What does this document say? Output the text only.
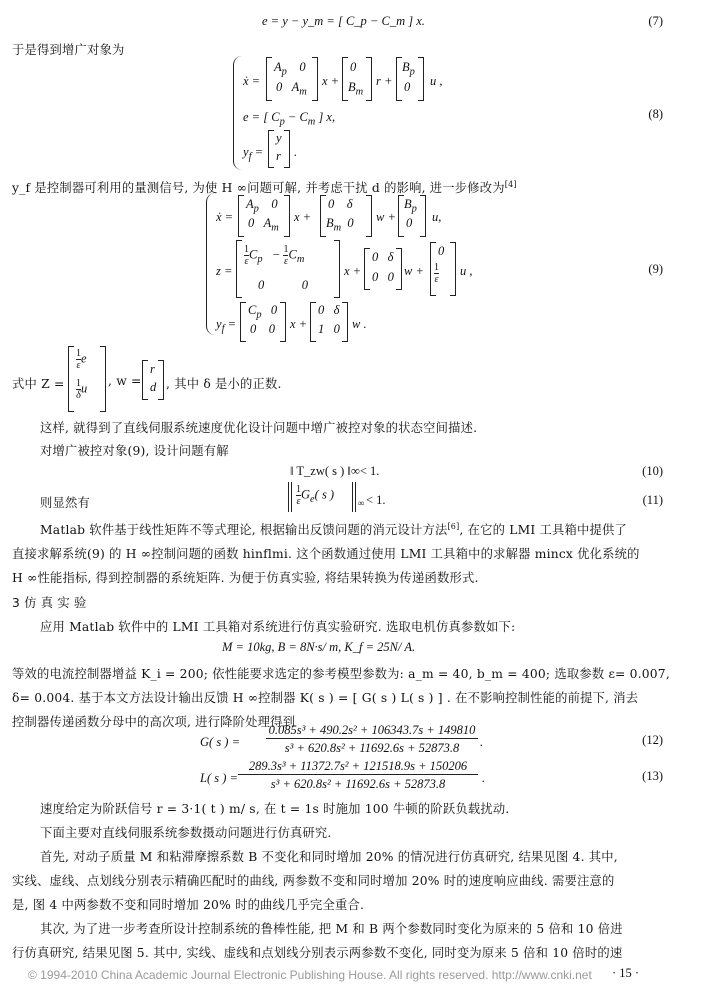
e = y − y_m = [ C_p − C_m ] x.	(7)
于是得到增广对象为
ẋ =
$A_p$    0
0   $A_m$
x +
0
$B_m$
r +
$B_p$
0 u ,
e = [ $C_p - C_m$ ] x,
$y_f$ =
y
r .
(8)
y_f 是控制器可利用的量测信号, 为使 H ∞问题可解, 并考虑干扰 d 的影响, 进一步修改为[4]
ẋ =
$A_p$    0
0   $A_m$
x +
0    δ
$B_m$  0 w +
$B_p$
0 u,
z =
$\frac{1}{\varepsilon} C_p - \frac{1}{\varepsilon} C_m$
0            0
x +
0   δ
0   0 w +
0
$\frac{1}{\varepsilon}$ u ,
$y_f$ =
$C_p$   0
0    0 x +
0   δ
1   0 w .
(9)
式中 Z =
$\frac{1}{\varepsilon}$ e
$\frac{1}{\delta}$ u
, w =
r
d , 其中 δ 是小的正数.
这样, 就得到了直线伺服系统速度优化设计问题中增广被控对象的状态空间描述.
对增广被控对象(9), 设计问题有解
‖ T_zw( s ) ‖∞< 1.	(10)
则显然有	$\frac{1}{\varepsilon} G_e$( s )
∞ < 1.	(11)
Matlab 软件基于线性矩阵不等式理论, 根据输出反馈问题的消元设计方法[6], 在它的 LMI 工具箱中提供了
直接求解系统(9) 的 H ∞控制问题的函数 hinflmi. 这个函数通过使用 LMI 工具箱中的求解器 mincx 优化系统的
H ∞性能指标, 得到控制器的系统矩阵. 为便于仿真实验, 将结果转换为传递函数形式.
3 仿 真 实 验
应用 Matlab 软件中的 LMI 工具箱对系统进行仿真实验研究. 选取电机仿真参数如下:
M = 10kg, B = 8N·s/ m, K_f = 25N/ A.
等效的电流控制器增益 K_i = 200; 依性能要求选定的参考模型参数为: a_m = 40, b_m = 400; 选取参数 ε= 0.007,
δ= 0.004. 基于本文方法设计输出反馈 H ∞控制器 K( s ) = [ G( s ) L( s ) ] . 在不影响控制性能的前提下, 消去
控制器传递函数分母中的高次项, 进行降阶处理得到
G( s ) =
0.085s³ + 490.2s² + 106343.7s + 149810
s³ + 620.8s² + 11692.6s + 52873.8	.	(12)
L( s ) =
289.3s³ + 11372.7s² + 121518.9s + 150206
s³ + 620.8s² + 11692.6s + 52873.8	.	(13)
速度给定为阶跃信号 r = 3·1( t ) m/ s, 在 t = 1s 时施加 100 牛顿的阶跃负载扰动.
下面主要对直线伺服系统参数摄动问题进行仿真研究.
首先, 对动子质量 M 和粘滞摩擦系数 B 不变化和同时增加 20% 的情况进行仿真研究, 结果见图 4. 其中,
实线、虚线、点划线分别表示精确匹配时的曲线, 两参数不变和同时增加 20% 时的速度响应曲线. 需要注意的
是, 图 4 中两参数不变和同时增加 20% 时的曲线几乎完全重合.
其次, 为了进一步考查所设计控制系统的鲁棒性能, 把 M 和 B 两个参数同时变化为原来的 5 倍和 10 倍进
行仿真研究, 结果见图 5. 其中, 实线、虚线和点划线分别表示两参数不变化, 同时变为原来 5 倍和 10 倍时的速
© 1994-2010 China Academic Journal Electronic Publishing House. All rights reserved. http://www.cnki.net · 15 ·
